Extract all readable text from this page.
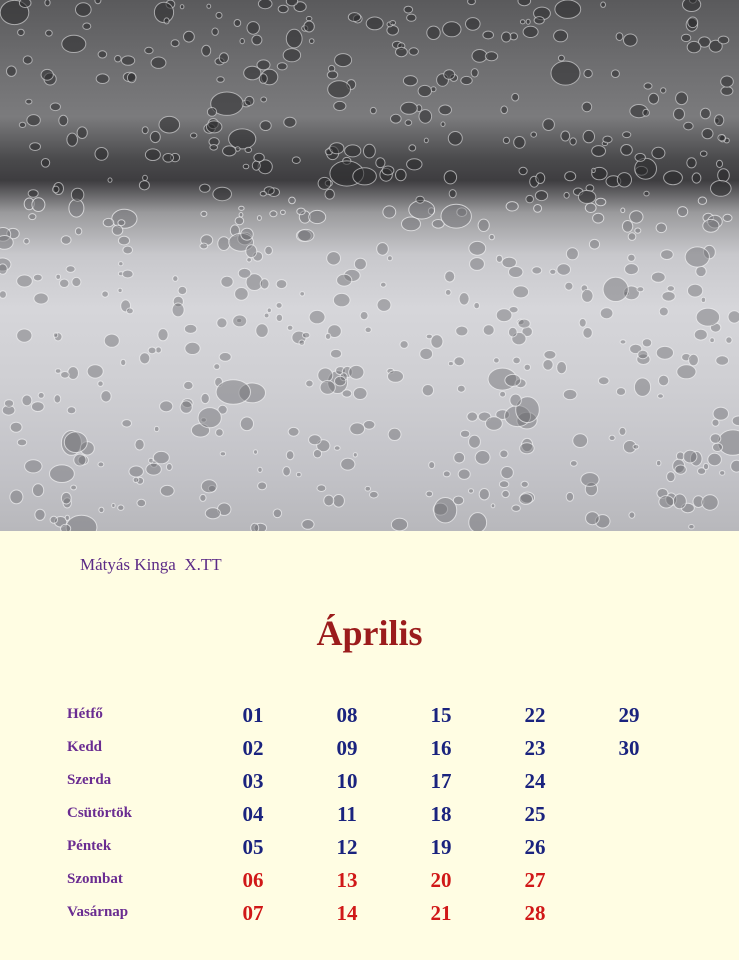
Mátyás Kinga  X.TT
Április
Hétfő	01	08	15	22	29
Kedd	02	09	16	23	30
Szerda	03	10	17	24
Csütörtök	04	11	18	25
Péntek	05	12	19	26
Szombat	06	13	20	27
Vasárnap	07	14	21	28
